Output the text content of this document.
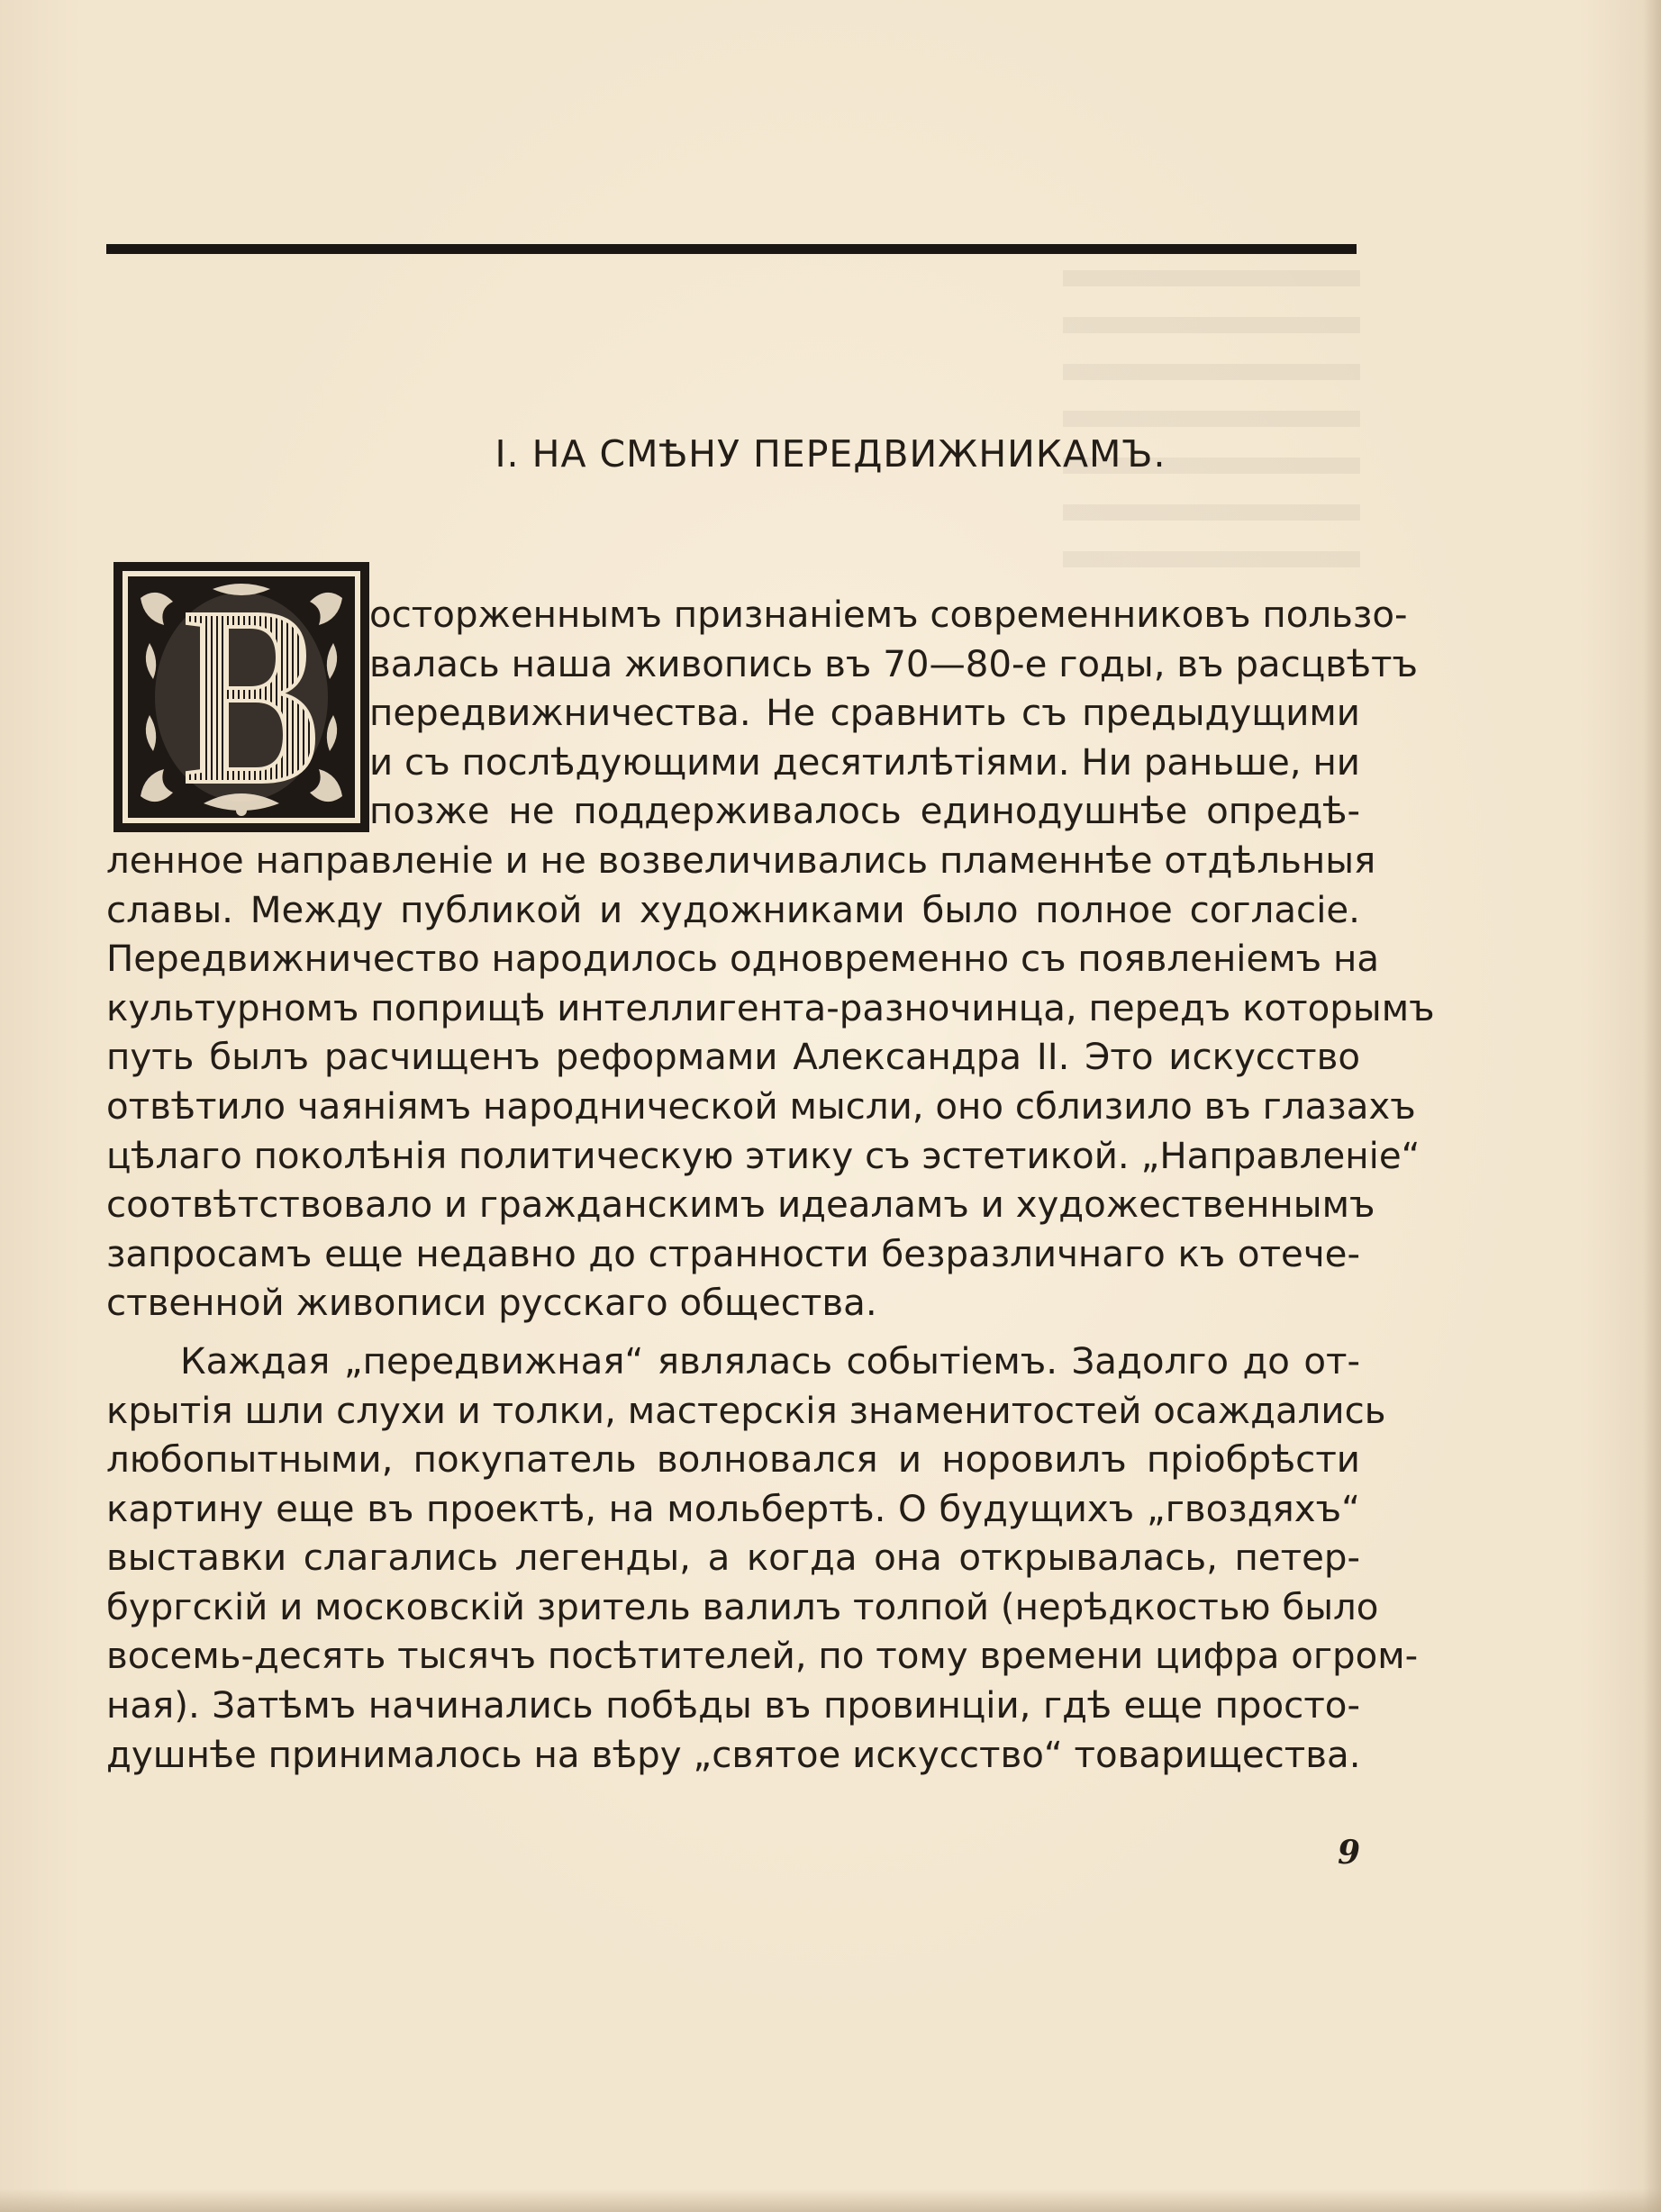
I. НА СМѢНУ ПЕРЕДВИЖНИКАМЪ.
осторженнымъ признаніемъ современниковъ пользо-
валась наша живопись въ 70—80-е годы, въ расцвѣтъ
передвижничества. Не сравнить съ предыдущими
и съ послѣдующими десятилѣтіями. Ни раньше, ни
позже не поддерживалось единодушнѣе опредѣ-
ленное направленіе и не возвеличивались пламеннѣе отдѣльныя
славы. Между публикой и художниками было полное согласіе.
Передвижничество народилось одновременно съ появленіемъ на
культурномъ поприщѣ интеллигента-разночинца, передъ которымъ
путь былъ расчищенъ реформами Александра II. Это искусство
отвѣтило чаяніямъ народнической мысли, оно сблизило въ глазахъ
цѣлаго поколѣнія политическую этику съ эстетикой. „Направленіе“
соотвѣтствовало и гражданскимъ идеаламъ и художественнымъ
запросамъ еще недавно до странности безразличнаго къ отече-
ственной живописи русскаго общества.
Каждая „передвижная“ являлась событіемъ. Задолго до от-
крытія шли слухи и толки, мастерскія знаменитостей осаждались
любопытными, покупатель волновался и норовилъ пріобрѣсти
картину еще въ проектѣ, на мольбертѣ. О будущихъ „гвоздяхъ“
выставки слагались легенды, а когда она открывалась, петер-
бургскій и московскій зритель валилъ толпой (нерѣдкостью было
восемь-десять тысячъ посѣтителей, по тому времени цифра огром-
ная). Затѣмъ начинались побѣды въ провинціи, гдѣ еще просто-
душнѣе принималось на вѣру „святое искусство“ товарищества.
9
